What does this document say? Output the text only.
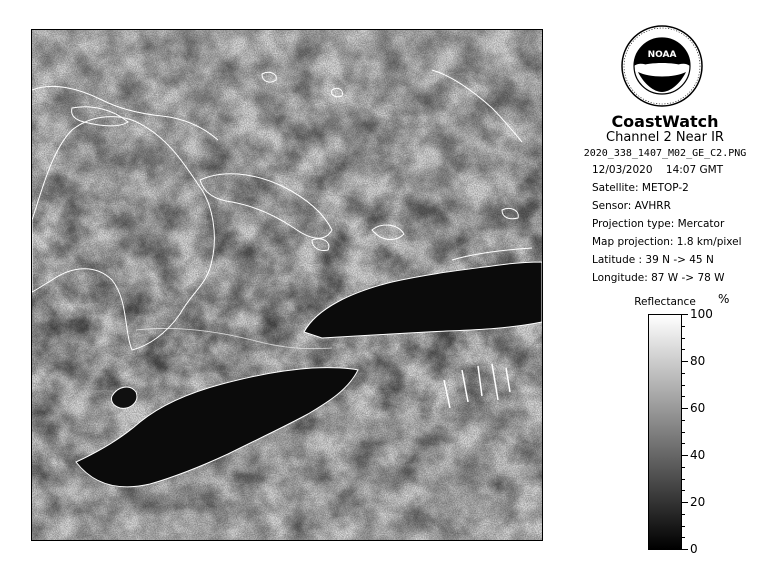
NOAA
CoastWatch
Channel 2 Near IR
2020_338_1407_M02_GE_C2.PNG
12/03/2020 14:07 GMT
Satellite: METOP-2
Sensor: AVHRR
Projection type: Mercator
Map projection: 1.8 km/pixel
Latitude : 39 N -> 45 N
Longitude: 87 W -> 78 W
Reflectance	%
100
80
60
40
20
0
